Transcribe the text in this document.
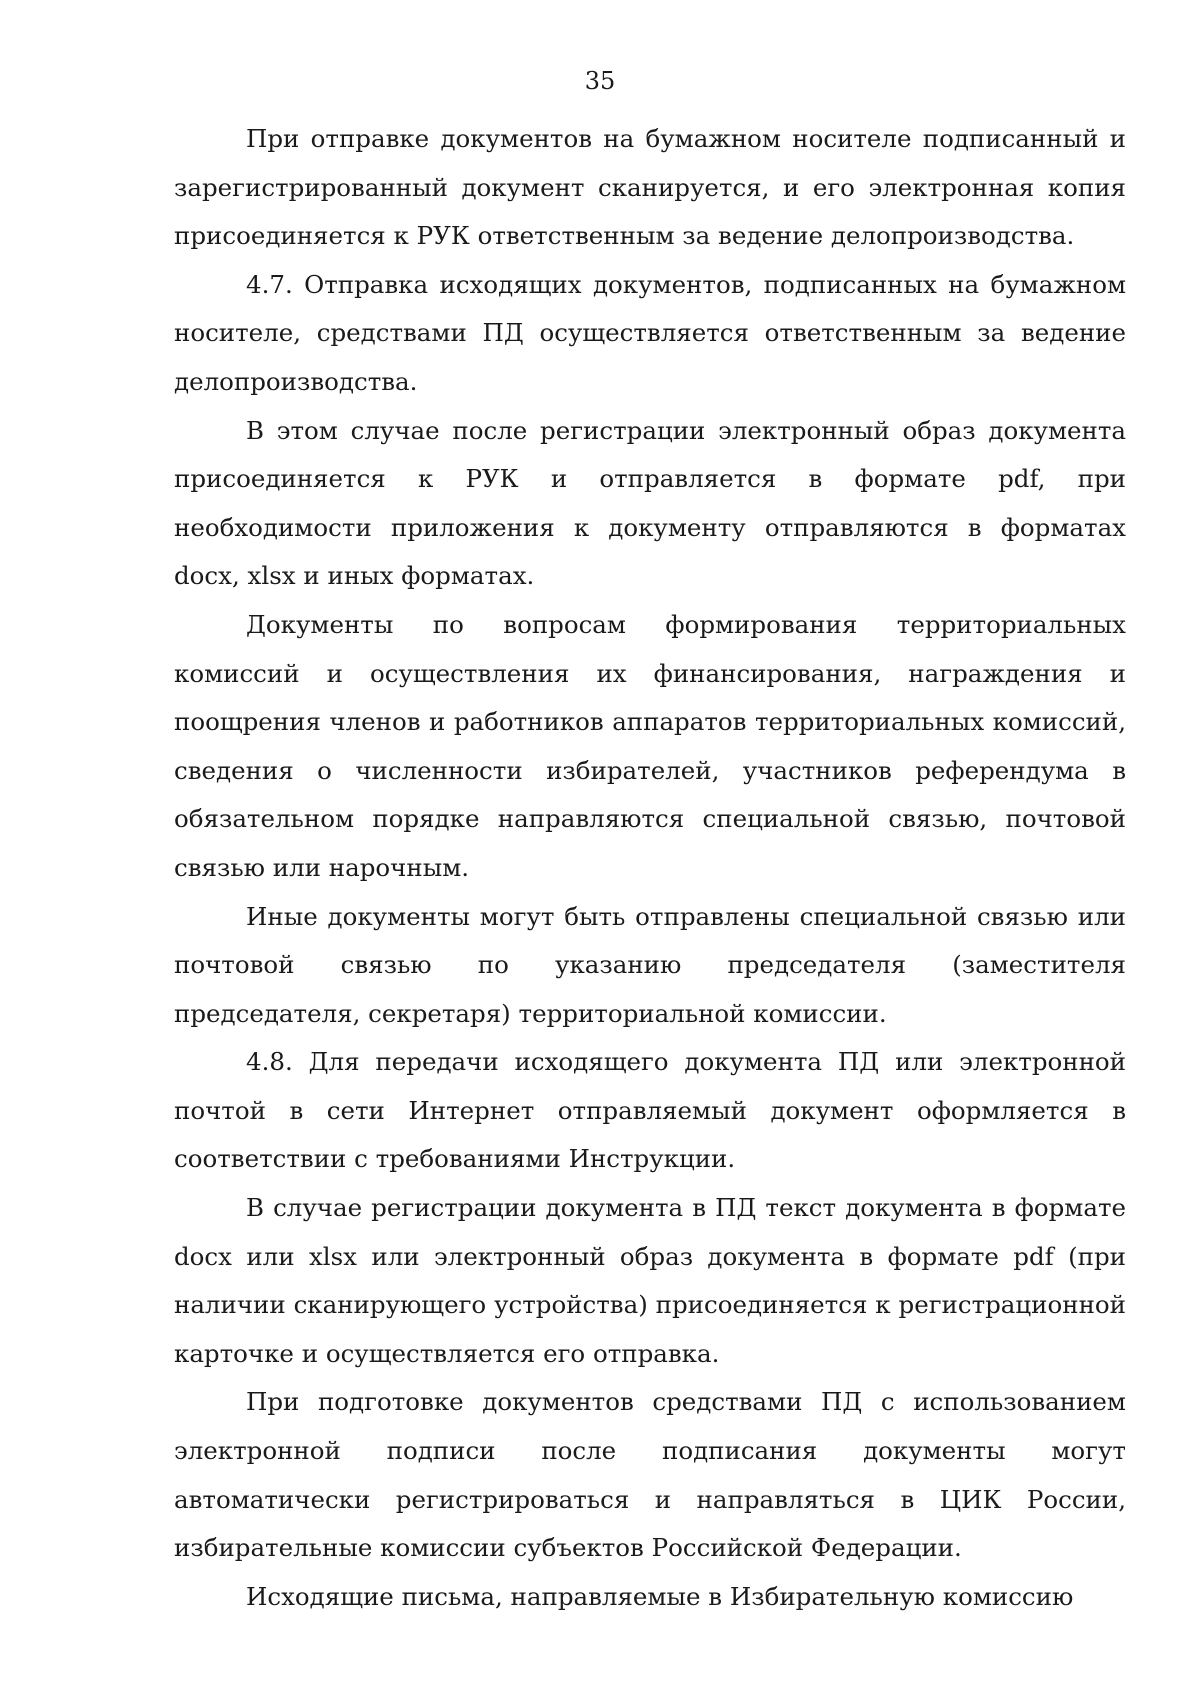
35

При отправке документов на бумажном носителе подписанный и зарегистрированный документ сканируется, и его электронная копия присоединяется к РУК ответственным за ведение делопроизводства.

4.7. Отправка исходящих документов, подписанных на бумажном носителе, средствами ПД осуществляется ответственным за ведение делопроизводства.

В этом случае после регистрации электронный образ документа присоединяется к РУК и отправляется в формате pdf, при необходимости приложения к документу отправляются в форматах docx, xlsx и иных форматах.

Документы по вопросам формирования территориальных комиссий и осуществления их финансирования, награждения и поощрения членов и работников аппаратов территориальных комиссий, сведения о численности избирателей, участников референдума в обязательном порядке направляются специальной связью, почтовой связью или нарочным.

Иные документы могут быть отправлены специальной связью или почтовой связью по указанию председателя (заместителя председателя, секретаря) территориальной комиссии.

4.8. Для передачи исходящего документа ПД или электронной почтой в сети Интернет отправляемый документ оформляется в соответствии с требованиями Инструкции.

В случае регистрации документа в ПД текст документа в формате docx или xlsx или электронный образ документа в формате pdf (при наличии сканирующего устройства) присоединяется к регистрационной карточке и осуществляется его отправка.

При подготовке документов средствами ПД с использованием электронной подписи после подписания документы могут автоматически регистрироваться и направляться в ЦИК России, избирательные комиссии субъектов Российской Федерации.

Исходящие письма, направляемые в Избирательную комиссию
